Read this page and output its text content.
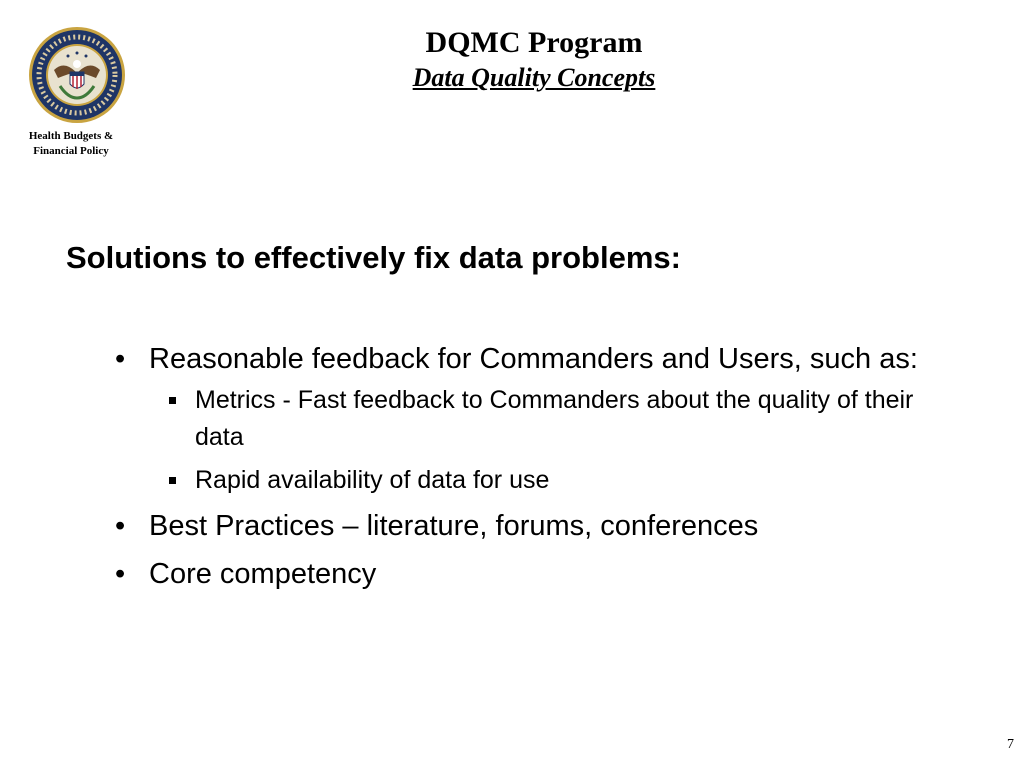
Health Budgets &
Financial Policy
DQMC Program
Data Quality Concepts
Solutions to effectively fix data problems:
• Reasonable feedback for Commanders and Users, such as:
Metrics - Fast feedback to Commanders about the quality of their data
Rapid availability of data for use
• Best Practices – literature, forums, conferences
• Core competency
7
